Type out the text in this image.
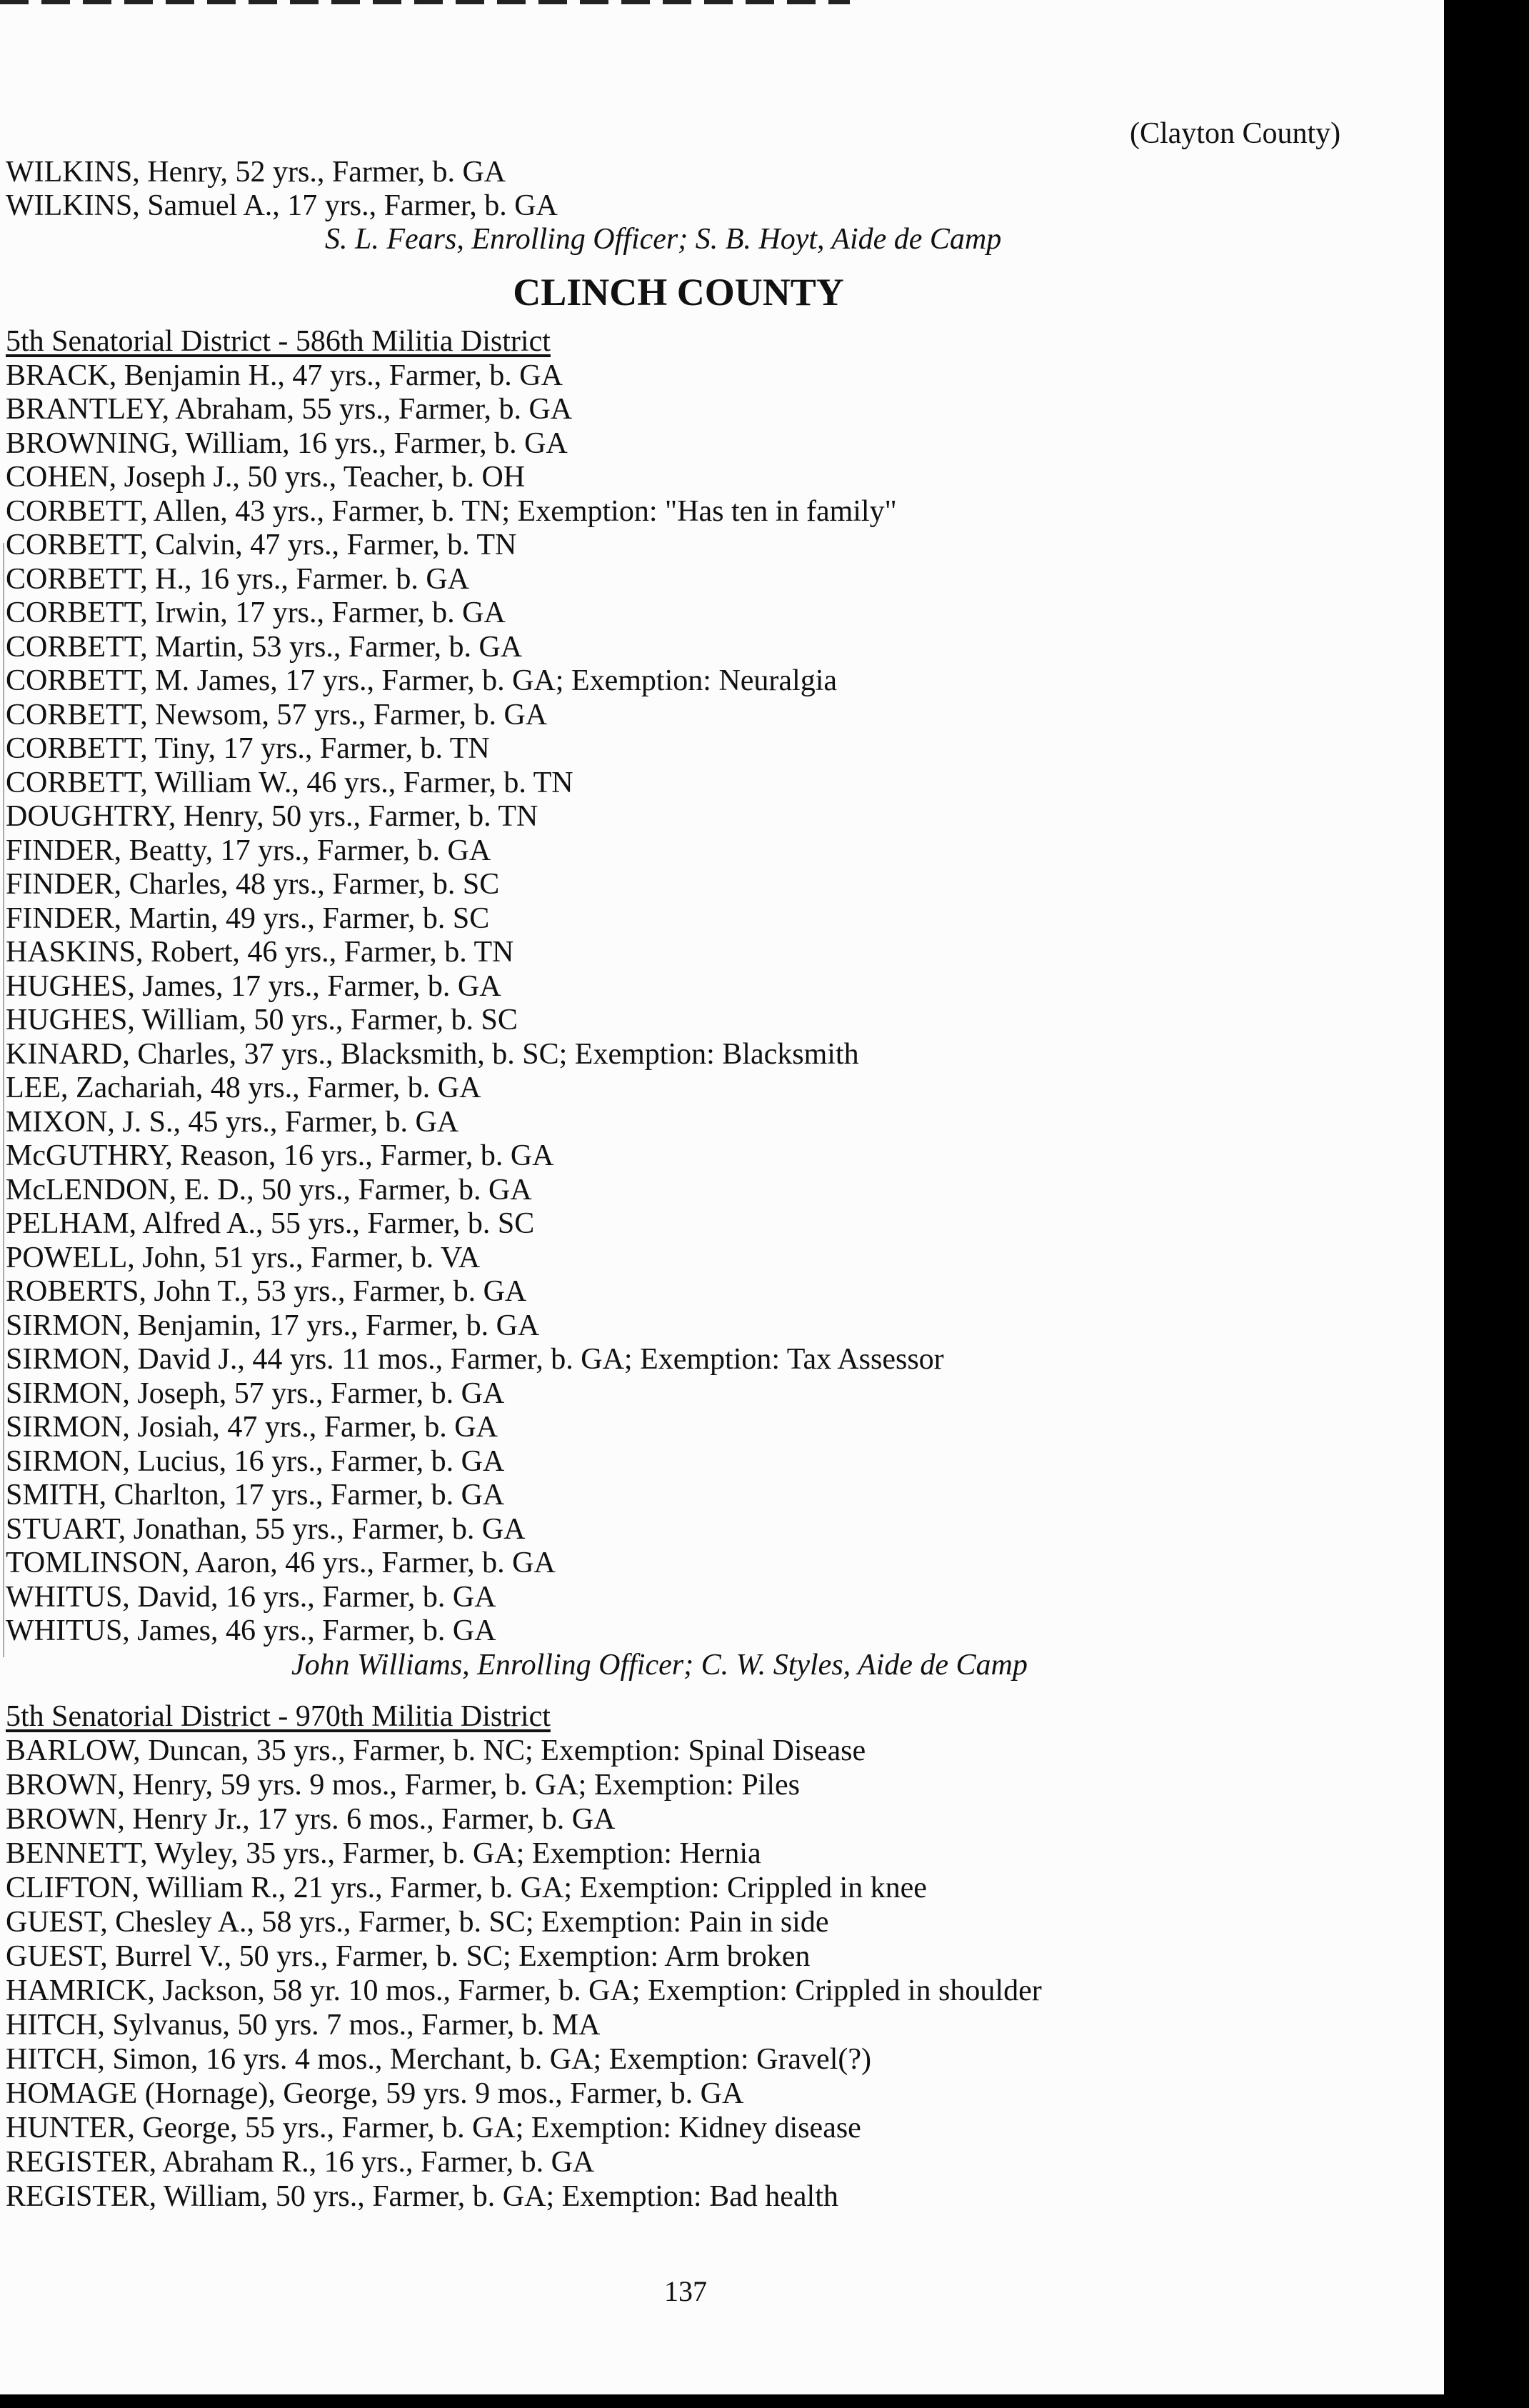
(Clayton County)
WILKINS, Henry, 52 yrs., Farmer, b. GA
WILKINS, Samuel A., 17 yrs., Farmer, b. GA
S. L. Fears, Enrolling Officer; S. B. Hoyt, Aide de Camp
CLINCH COUNTY
5th Senatorial District - 586th Militia District
BRACK, Benjamin H., 47 yrs., Farmer, b. GA
BRANTLEY, Abraham, 55 yrs., Farmer, b. GA
BROWNING, William, 16 yrs., Farmer, b. GA
COHEN, Joseph J., 50 yrs., Teacher, b. OH
CORBETT, Allen, 43 yrs., Farmer, b. TN; Exemption: "Has ten in family"
CORBETT, Calvin, 47 yrs., Farmer, b. TN
CORBETT, H., 16 yrs., Farmer. b. GA
CORBETT, Irwin, 17 yrs., Farmer, b. GA
CORBETT, Martin, 53 yrs., Farmer, b. GA
CORBETT, M. James, 17 yrs., Farmer, b. GA; Exemption: Neuralgia
CORBETT, Newsom, 57 yrs., Farmer, b. GA
CORBETT, Tiny, 17 yrs., Farmer, b. TN
CORBETT, William W., 46 yrs., Farmer, b. TN
DOUGHTRY, Henry, 50 yrs., Farmer, b. TN
FINDER, Beatty, 17 yrs., Farmer, b. GA
FINDER, Charles, 48 yrs., Farmer, b. SC
FINDER, Martin, 49 yrs., Farmer, b. SC
HASKINS, Robert, 46 yrs., Farmer, b. TN
HUGHES, James, 17 yrs., Farmer, b. GA
HUGHES, William, 50 yrs., Farmer, b. SC
KINARD, Charles, 37 yrs., Blacksmith, b. SC; Exemption: Blacksmith
LEE, Zachariah, 48 yrs., Farmer, b. GA
MIXON, J. S., 45 yrs., Farmer, b. GA
McGUTHRY, Reason, 16 yrs., Farmer, b. GA
McLENDON, E. D., 50 yrs., Farmer, b. GA
PELHAM, Alfred A., 55 yrs., Farmer, b. SC
POWELL, John, 51 yrs., Farmer, b. VA
ROBERTS, John T., 53 yrs., Farmer, b. GA
SIRMON, Benjamin, 17 yrs., Farmer, b. GA
SIRMON, David J., 44 yrs. 11 mos., Farmer, b. GA; Exemption: Tax Assessor
SIRMON, Joseph, 57 yrs., Farmer, b. GA
SIRMON, Josiah, 47 yrs., Farmer, b. GA
SIRMON, Lucius, 16 yrs., Farmer, b. GA
SMITH, Charlton, 17 yrs., Farmer, b. GA
STUART, Jonathan, 55 yrs., Farmer, b. GA
TOMLINSON, Aaron, 46 yrs., Farmer, b. GA
WHITUS, David, 16 yrs., Farmer, b. GA
WHITUS, James, 46 yrs., Farmer, b. GA
John Williams, Enrolling Officer; C. W. Styles, Aide de Camp
5th Senatorial District - 970th Militia District
BARLOW, Duncan, 35 yrs., Farmer, b. NC; Exemption: Spinal Disease
BROWN, Henry, 59 yrs. 9 mos., Farmer, b. GA; Exemption: Piles
BROWN, Henry Jr., 17 yrs. 6 mos., Farmer, b. GA
BENNETT, Wyley, 35 yrs., Farmer, b. GA; Exemption: Hernia
CLIFTON, William R., 21 yrs., Farmer, b. GA; Exemption: Crippled in knee
GUEST, Chesley A., 58 yrs., Farmer, b. SC; Exemption: Pain in side
GUEST, Burrel V., 50 yrs., Farmer, b. SC; Exemption: Arm broken
HAMRICK, Jackson, 58 yr. 10 mos., Farmer, b. GA; Exemption: Crippled in shoulder
HITCH, Sylvanus, 50 yrs. 7 mos., Farmer, b. MA
HITCH, Simon, 16 yrs. 4 mos., Merchant, b. GA; Exemption: Gravel(?)
HOMAGE (Hornage), George, 59 yrs. 9 mos., Farmer, b. GA
HUNTER, George, 55 yrs., Farmer, b. GA; Exemption: Kidney disease
REGISTER, Abraham R., 16 yrs., Farmer, b. GA
REGISTER, William, 50 yrs., Farmer, b. GA; Exemption: Bad health
137
